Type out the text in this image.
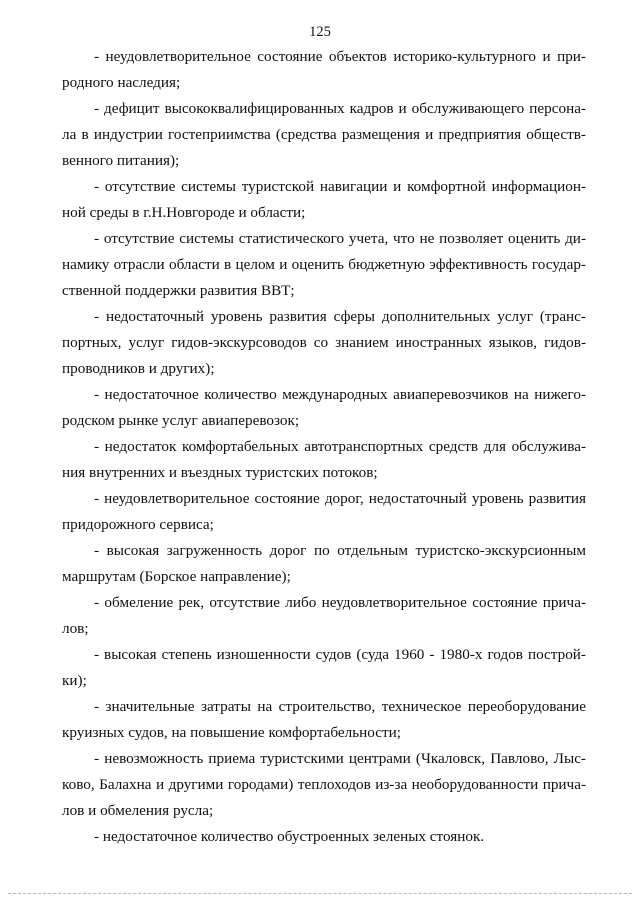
125

- неудовлетворительное состояние объектов историко-культурного и при-
родного наследия;

- дефицит высококвалифицированных кадров и обслуживающего персона-
ла в индустрии гостеприимства (средства размещения и предприятия обществ-
венного питания);

- отсутствие системы туристской навигации и комфортной информацион-
ной среды в г.Н.Новгороде и области;

- отсутствие системы статистического учета, что не позволяет оценить ди-
намику отрасли области в целом и оценить бюджетную эффективность государ-
ственной поддержки развития ВВТ;

- недостаточный уровень развития сферы дополнительных услуг (транс-
портных, услуг гидов-экскурсоводов со знанием иностранных языков, гидов-
проводников и других);

- недостаточное количество международных авиаперевозчиков на нижего-
родском рынке услуг авиаперевозок;

- недостаток комфортабельных автотранспортных средств для обслужива-
ния внутренних и въездных туристских потоков;

- неудовлетворительное состояние дорог, недостаточный уровень развития
придорожного сервиса;

- высокая загруженность дорог по отдельным туристско-экскурсионным
маршрутам (Борское направление);

- обмеление рек, отсутствие либо неудовлетворительное состояние прича-
лов;

- высокая степень изношенности судов (суда 1960 - 1980-х годов построй-
ки);

- значительные затраты на строительство, техническое переоборудование
круизных судов, на повышение комфортабельности;

- невозможность приема туристскими центрами (Чкаловск, Павлово, Лыс-
ково, Балахна и другими городами) теплоходов из-за необорудованности прича-
лов и обмеления русла;

- недостаточное количество обустроенных зеленых стоянок.
